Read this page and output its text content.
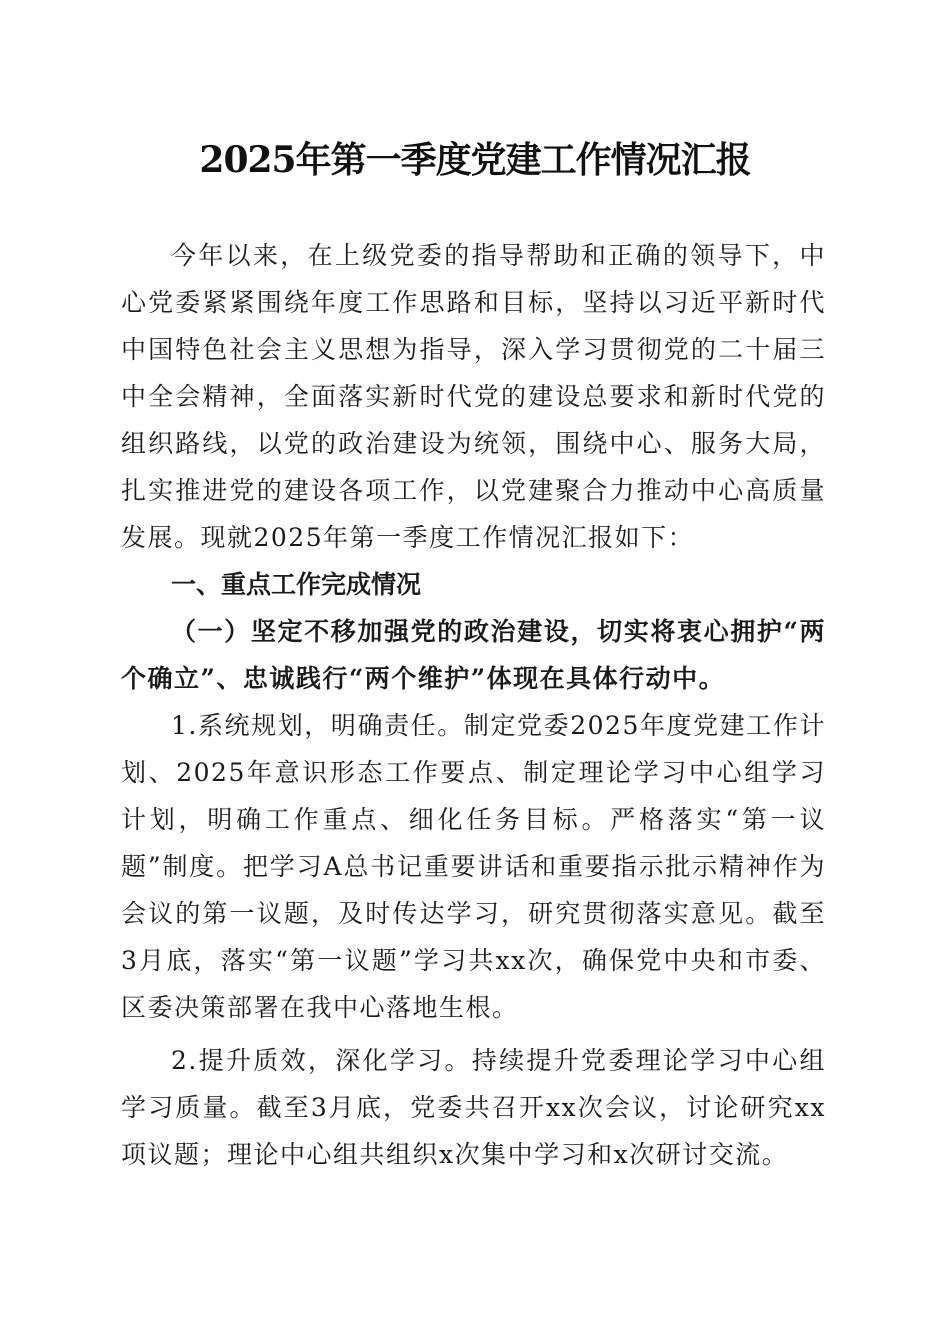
2025年第一季度党建工作情况汇报

今年以来，在上级党委的指导帮助和正确的领导下，中心党委紧紧围绕年度工作思路和目标，坚持以习近平新时代中国特色社会主义思想为指导，深入学习贯彻党的二十届三中全会精神，全面落实新时代党的建设总要求和新时代党的组织路线，以党的政治建设为统领，围绕中心、服务大局，扎实推进党的建设各项工作，以党建聚合力推动中心高质量发展。现就2025年第一季度工作情况汇报如下：

一、重点工作完成情况

（一）坚定不移加强党的政治建设，切实将衷心拥护“两个确立”、忠诚践行“两个维护”体现在具体行动中。

1.系统规划，明确责任。制定党委2025年度党建工作计划、2025年意识形态工作要点、制定理论学习中心组学习计划，明确工作重点、细化任务目标。严格落实“第一议题”制度。把学习A总书记重要讲话和重要指示批示精神作为会议的第一议题，及时传达学习，研究贯彻落实意见。截至3月底，落实“第一议题”学习共xx次，确保党中央和市委、区委决策部署在我中心落地生根。

2.提升质效，深化学习。持续提升党委理论学习中心组学习质量。截至3月底，党委共召开xx次会议，讨论研究xx项议题；理论中心组共组织x次集中学习和x次研讨交流。
